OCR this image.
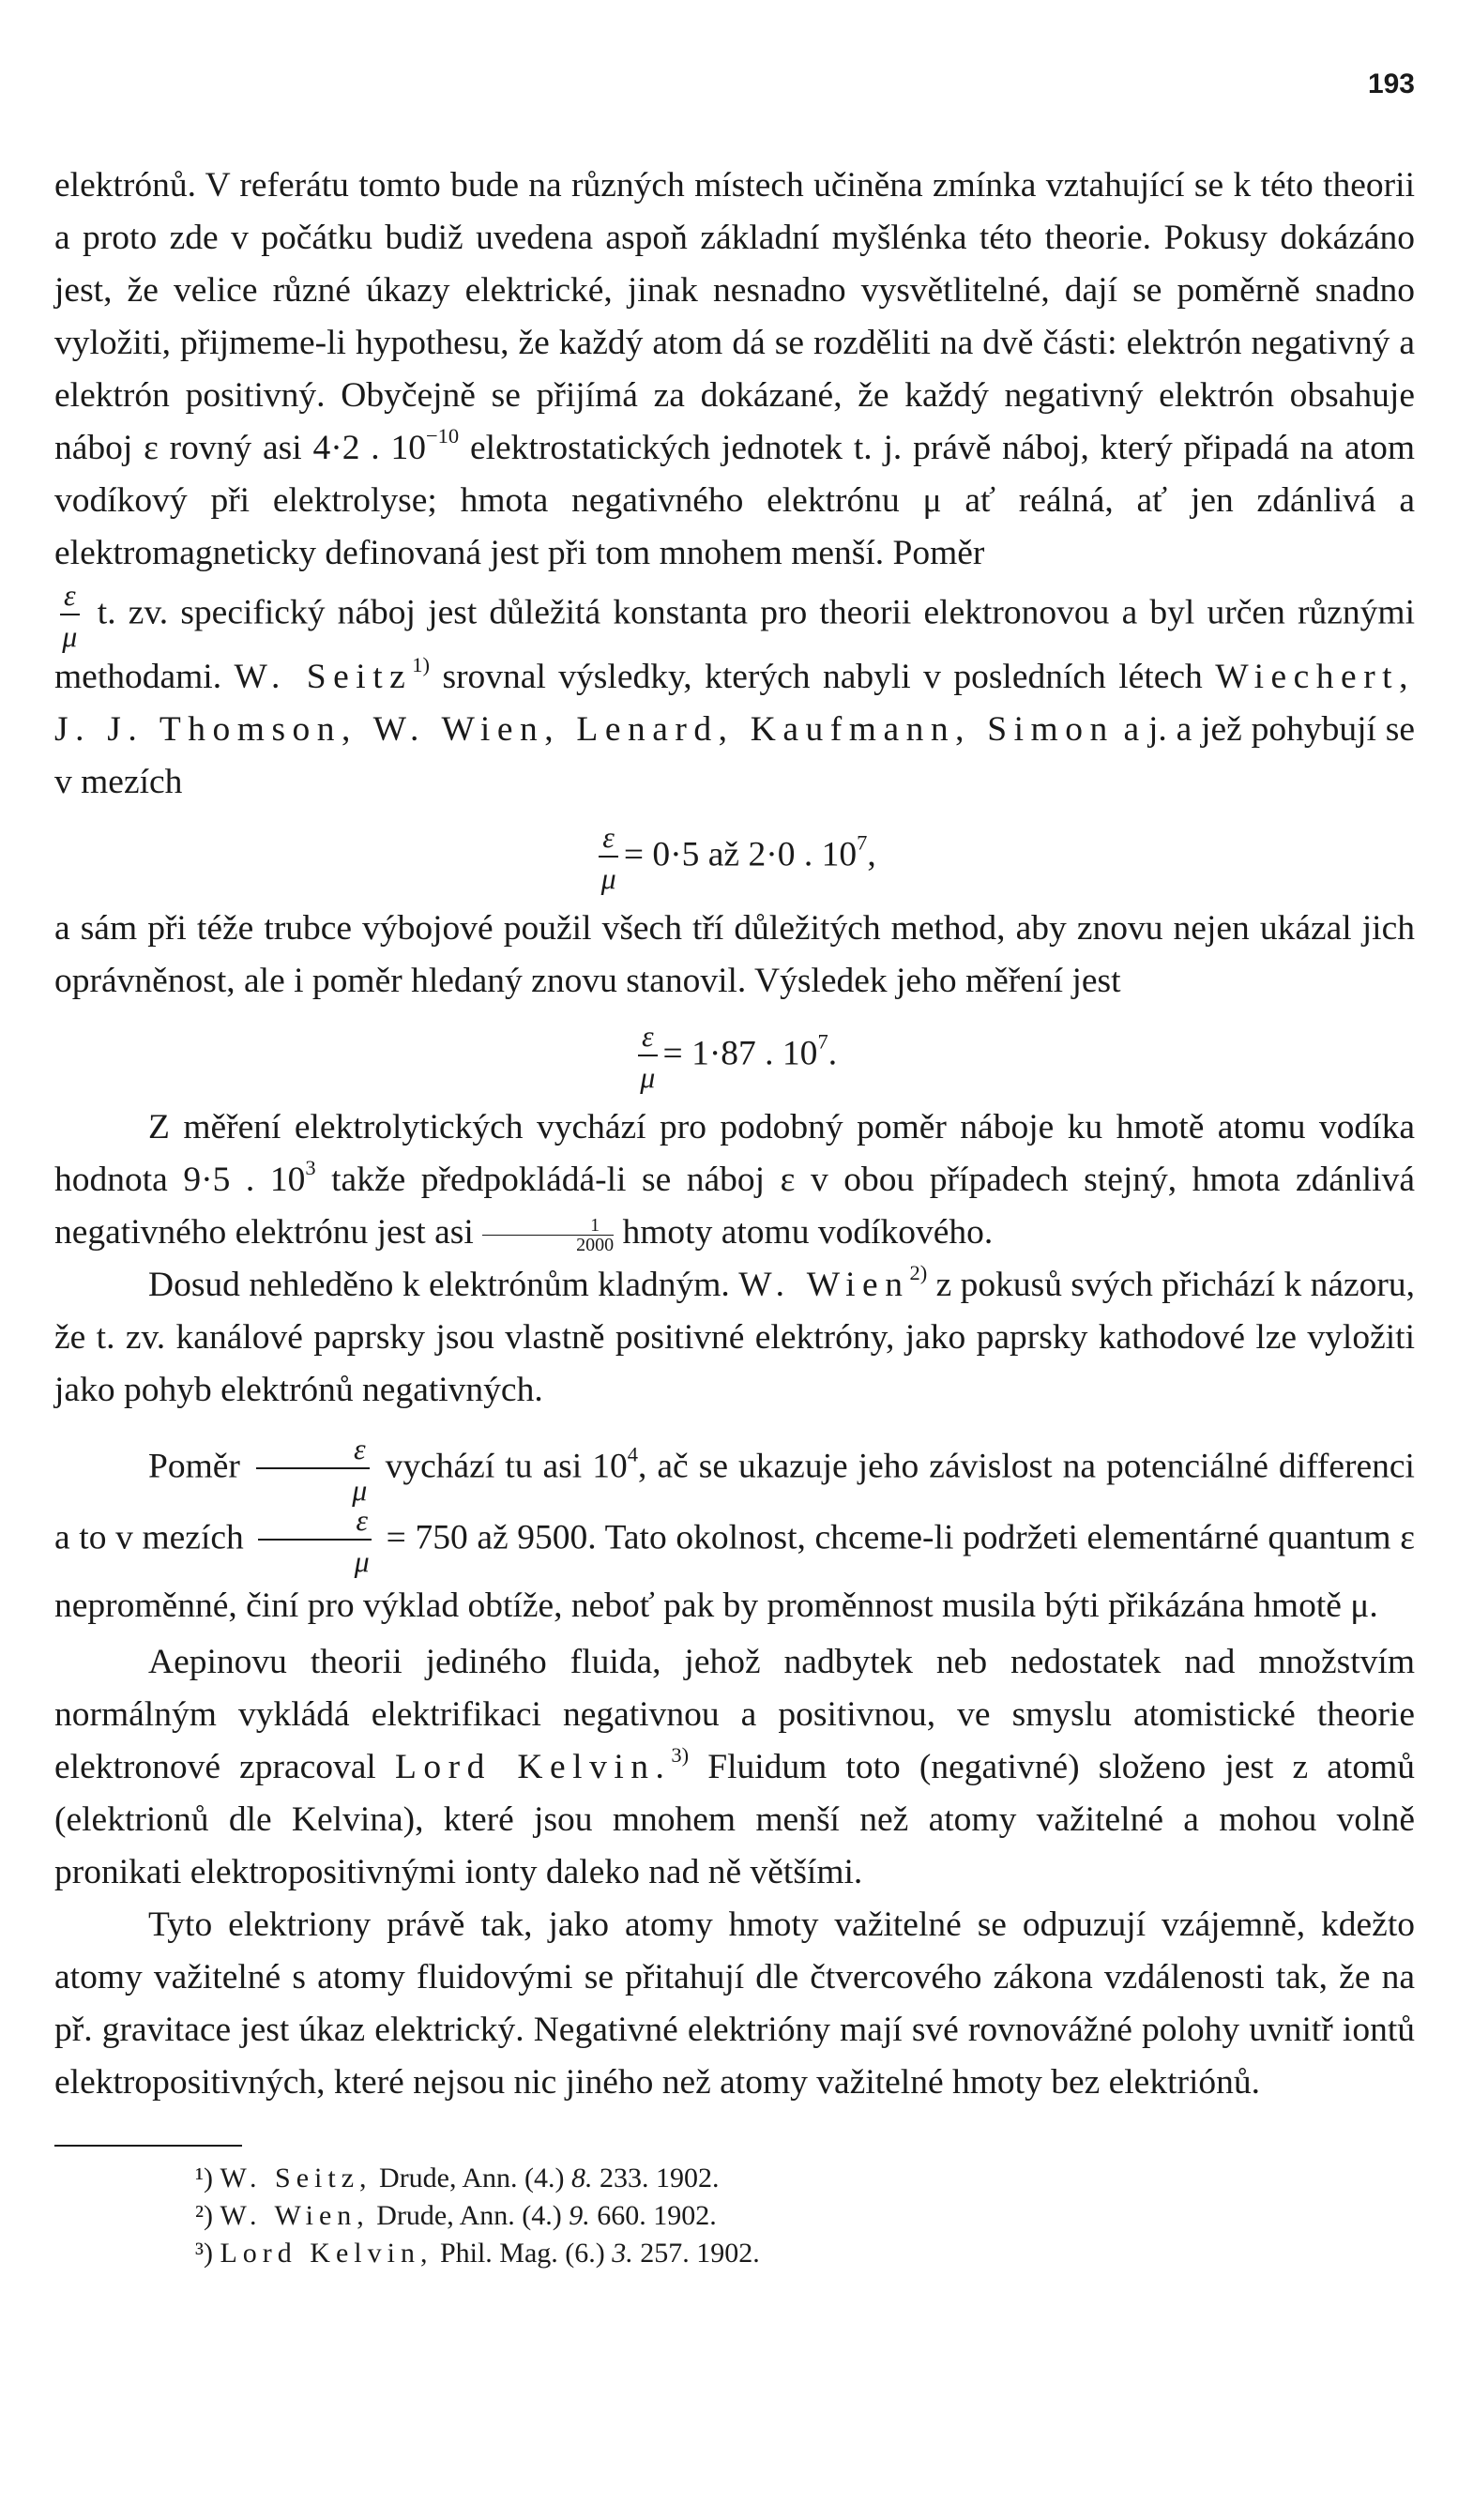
193

elektrónů. V referátu tomto bude na různých místech učiněna zmínka vztahující se k této theorii a proto zde v počátku budiž uvedena aspoň základní myšlénka této theorie. Pokusy dokázáno jest, že velice různé úkazy elektrické, jinak nesnadno vysvětlitelné, dají se poměrně snadno vyložiti, přijmeme-li hypothesu, že každý atom dá se rozděliti na dvě části: elektrón negativný a elektrón positivný. Obyčejně se přijímá za dokázané, že každý negativný elektrón obsahuje náboj ε rovný asi 4·2 . $10^{-10}$ elektrostatických jednotek t. j. právě náboj, který připadá na atom vodíkový při elektrolyse; hmota negativného elektrónu μ ať reálná, ať jen zdánlivá a elektromagneticky definovaná jest při tom mnohem menší. Poměr

$\frac{\varepsilon}{\mu} t$. zv. specifický náboj jest důležitá konstanta pro theorii elektronovou a byl určen různými methodami. W. Seitz$^{1)}$ srovnal výsledky, kterých nabyli v posledních létech Wiechert, J. J. Thomson, W. Wien, Lenard, Kaufmann, Simon a j. a jež pohybují se v mezích

$\frac{\varepsilon}{\mu} = 0\cdot 5$ až 2·0 . $10^7$,

a sám při téže trubce výbojové použil všech tří důležitých method, aby znovu nejen ukázal jich oprávněnost, ale i poměr hledaný znovu stanovil. Výsledek jeho měření jest

$\frac{\varepsilon}{\mu} = 1\cdot 87$ . $10^7$.

Z měření elektrolytických vychází pro podobný poměr náboje ku hmotě atomu vodíka hodnota 9·5 . $10^3$ takže předpokládá-li se náboj ε v obou případech stejný, hmota zdánlivá negativného elektrónu jest asi $\frac{1}{2000}$ hmoty atomu vodíkového.

Dosud nehleděno k elektrónům kladným. W. Wien$^{2)}$ z pokusů svých přichází k názoru, že t. zv. kanálové paprsky jsou vlastně positivné elektróny, jako paprsky kathodové lze vyložiti jako pohyb elektrónů negativných.

Poměr $\frac{\varepsilon}{\mu}$ vychází tu asi $10^4$, ač se ukazuje jeho závislost na potenciálné differenci a to v mezích $\frac{\varepsilon}{\mu} = 750$ až 9500. Tato okolnost, chceme-li podržeti elementárné quantum ε neproměnné, činí pro výklad obtíže, neboť pak by proměnnost musila býti přikázána hmotě μ.

Aepinovu theorii jediného fluida, jehož nadbytek neb nedostatek nad množstvím normálným vykládá elektrifikaci negativnou a positivnou, ve smyslu atomistické theorie elektronové zpracoval Lord Kelvin.$^{3)}$ Fluidum toto (negativné) složeno jest z atomů (elektrionů dle Kelvina), které jsou mnohem menší než atomy važitelné a mohou volně pronikati elektropositivnými ionty daleko nad ně většími.

Tyto elektriony právě tak, jako atomy hmoty važitelné se odpuzují vzájemně, kdežto atomy važitelné s atomy fluidovými se přitahují dle čtvercového zákona vzdálenosti tak, že na př. gravitace jest úkaz elektrický. Negativné elektrióny mají své rovnovážné polohy uvnitř iontů elektropositivných, které nejsou nic jiného než atomy važitelné hmoty bez elektriónů.

¹) W. Seitz, Drude, Ann. (4.) 8. 233. 1902.
²) W. Wien, Drude, Ann. (4.) 9. 660. 1902.
³) Lord Kelvin, Phil. Mag. (6.) 3. 257. 1902.
